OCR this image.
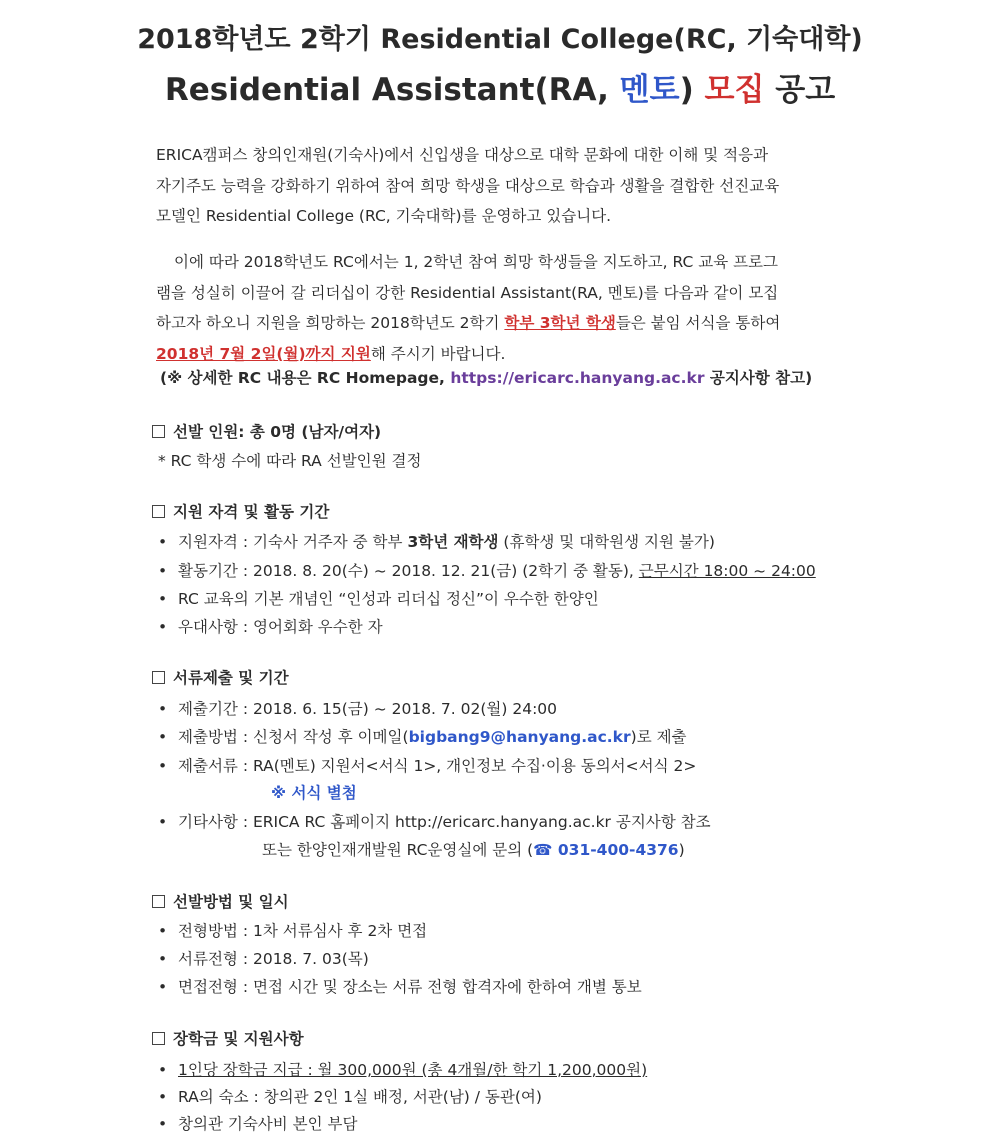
2018학년도 2학기 Residential College(RC, 기숙대학)
Residential Assistant(RA, 멘토) 모집 공고
ERICA캠퍼스 창의인재원(기숙사)에서 신입생을 대상으로 대학 문화에 대한 이해 및 적응과
자기주도 능력을 강화하기 위하여 참여 희망 학생을 대상으로 학습과 생활을 결합한 선진교육
모델인 Residential College (RC, 기숙대학)를 운영하고 있습니다.
이에 따라 2018학년도 RC에서는 1, 2학년 참여 희망 학생들을 지도하고, RC 교육 프로그
램을 성실히 이끌어 갈 리더십이 강한 Residential Assistant(RA, 멘토)를 다음과 같이 모집
하고자 하오니 지원을 희망하는 2018학년도 2학기 학부 3학년 학생들은 붙임 서식을 통하여
2018년 7월 2일(월)까지 지원해 주시기 바랍니다.
(※ 상세한 RC 내용은 RC Homepage, https://ericarc.hanyang.ac.kr 공지사항 참고)
선발 인원: 총 0명 (남자/여자)
* RC 학생 수에 따라 RA 선발인원 결정
지원 자격 및 활동 기간
• 지원자격 : 기숙사 거주자 중 학부 3학년 재학생 (휴학생 및 대학원생 지원 불가)
• 활동기간 : 2018. 8. 20(수) ~ 2018. 12. 21(금) (2학기 중 활동), 근무시간 18:00 ~ 24:00
• RC 교육의 기본 개념인 “인성과 리더십 정신”이 우수한 한양인
• 우대사항 : 영어회화 우수한 자
서류제출 및 기간
• 제출기간 : 2018. 6. 15(금) ~ 2018. 7. 02(월) 24:00
• 제출방법 : 신청서 작성 후 이메일(bigbang9@hanyang.ac.kr)로 제출
• 제출서류 : RA(멘토) 지원서<서식 1>, 개인정보 수집·이용 동의서<서식 2>
※ 서식 별첨
• 기타사항 : ERICA RC 홈페이지 http://ericarc.hanyang.ac.kr 공지사항 참조
또는 한양인재개발원 RC운영실에 문의 (☎ 031-400-4376)
선발방법 및 일시
• 전형방법 : 1차 서류심사 후 2차 면접
• 서류전형 : 2018. 7. 03(목)
• 면접전형 : 면접 시간 및 장소는 서류 전형 합격자에 한하여 개별 통보
장학금 및 지원사항
• 1인당 장학금 지급 : 월 300,000원 (총 4개월/한 학기 1,200,000원)
• RA의 숙소 : 창의관 2인 1실 배정, 서관(남) / 동관(여)
• 창의관 기숙사비 본인 부담
